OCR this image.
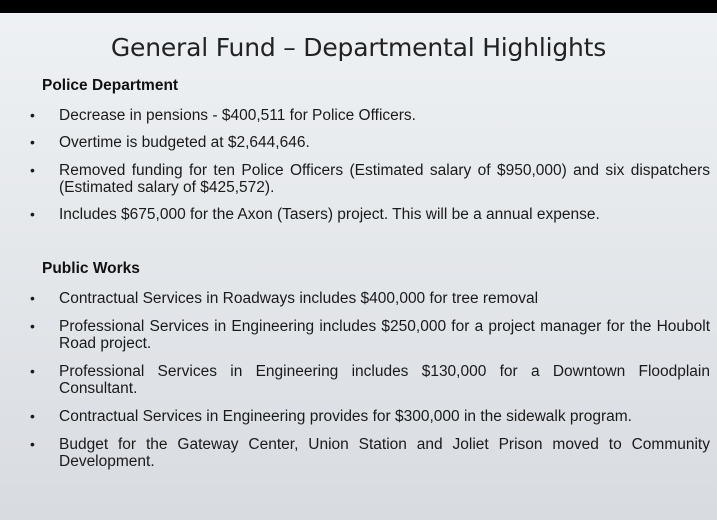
General Fund – Departmental Highlights
Police Department
• Decrease in pensions - $400,511 for Police Officers.
• Overtime is budgeted at $2,644,646.
• Removed funding for ten Police Officers (Estimated salary of $950,000) and six dispatchers (Estimated salary of $425,572).
• Includes $675,000 for the Axon (Tasers) project. This will be a annual expense.
Public Works
• Contractual Services in Roadways includes $400,000 for tree removal
• Professional Services in Engineering includes $250,000 for a project manager for the Houbolt Road project.
• Professional Services in Engineering includes $130,000 for a Downtown Floodplain Consultant.
• Contractual Services in Engineering provides for $300,000 in the sidewalk program.
• Budget for the Gateway Center, Union Station and Joliet Prison moved to Community Development.
